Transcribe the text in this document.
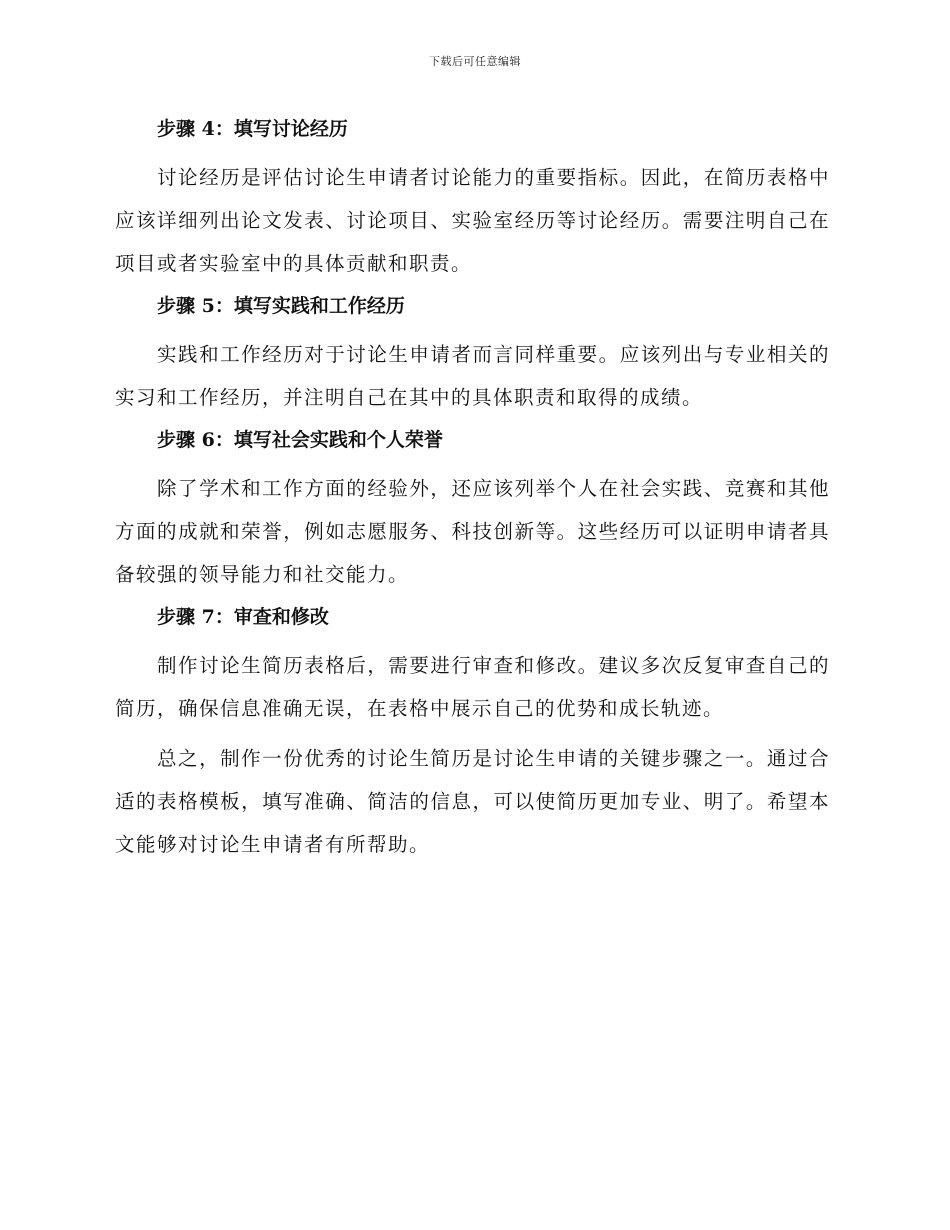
下载后可任意编辑
步骤 4：填写讨论经历

讨论经历是评估讨论生申请者讨论能力的重要指标。因此，在简历表格中应该详细列出论文发表、讨论项目、实验室经历等讨论经历。需要注明自己在项目或者实验室中的具体贡献和职责。

步骤 5：填写实践和工作经历

实践和工作经历对于讨论生申请者而言同样重要。应该列出与专业相关的实习和工作经历，并注明自己在其中的具体职责和取得的成绩。

步骤 6：填写社会实践和个人荣誉

除了学术和工作方面的经验外，还应该列举个人在社会实践、竞赛和其他方面的成就和荣誉，例如志愿服务、科技创新等。这些经历可以证明申请者具备较强的领导能力和社交能力。

步骤 7：审查和修改

制作讨论生简历表格后，需要进行审查和修改。建议多次反复审查自己的简历，确保信息准确无误，在表格中展示自己的优势和成长轨迹。

总之，制作一份优秀的讨论生简历是讨论生申请的关键步骤之一。通过合适的表格模板，填写准确、简洁的信息，可以使简历更加专业、明了。希望本文能够对讨论生申请者有所帮助。
